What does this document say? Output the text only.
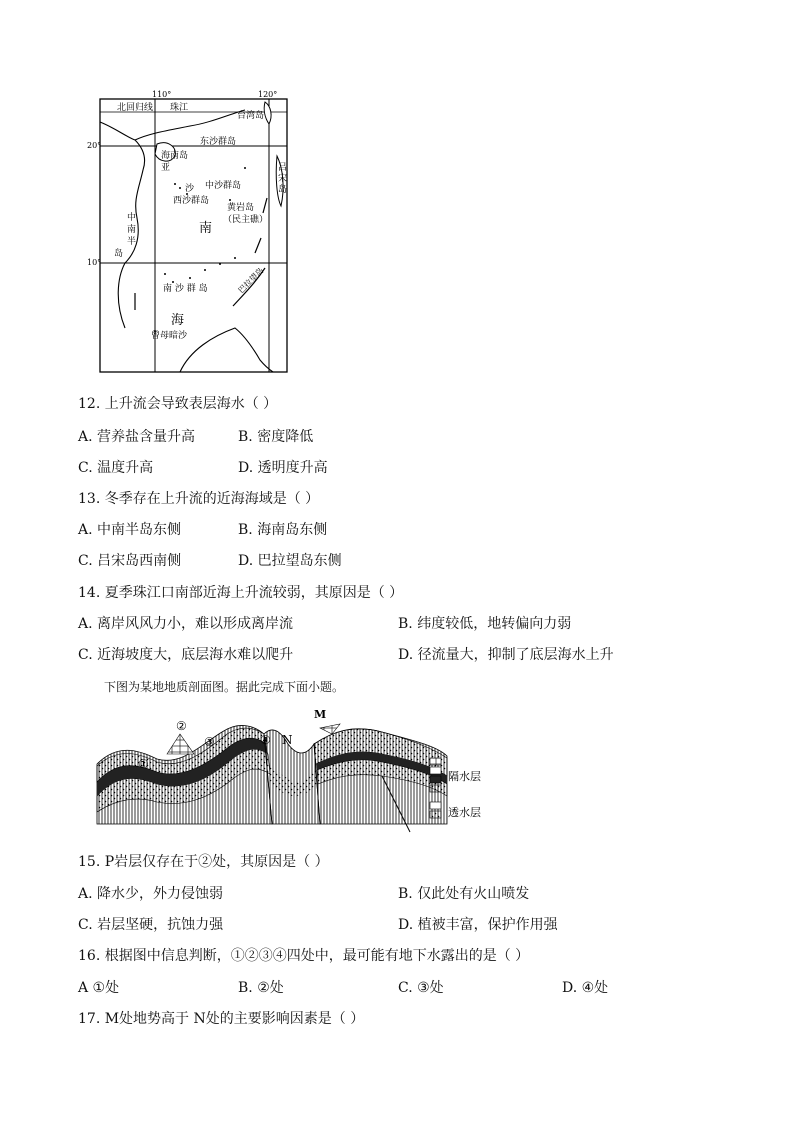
110°	120°
20°
10°
北回归线 珠江
台湾岛
东沙群岛
海南岛
亚	吕
宋
岛
沙 中沙群岛
西沙群岛
黄岩岛
（民主礁）
中
南
半
岛
南
南 沙 群 岛	巴拉望岛
海
曾母暗沙
12. 上升流会导致表层海水（ ）
A. 营养盐含量升高	B. 密度降低
C. 温度升高	D. 透明度升高
13. 冬季存在上升流的近海海域是（ ）
A. 中南半岛东侧	B. 海南岛东侧
C. 吕宋岛西南侧	D. 巴拉望岛东侧
14. 夏季珠江口南部近海上升流较弱，其原因是（ ）
A. 离岸风风力小，难以形成离岸流	B. 纬度较低，地转偏向力弱
C. 近海坡度大，底层海水难以爬升	D. 径流量大，抑制了底层海水上升
下图为某地地质剖面图。据此完成下面小题。
①
②
③	④ N
M
隔水层
透水层
15. P岩层仅存在于②处，其原因是（ ）
A. 降水少，外力侵蚀弱	B. 仅此处有火山喷发
C. 岩层坚硬，抗蚀力强	D. 植被丰富，保护作用强
16. 根据图中信息判断，①②③④四处中，最可能有地下水露出的是（ ）
A ①处	B. ②处	C. ③处	D. ④处
17. M处地势高于 N处的主要影响因素是（ ）
